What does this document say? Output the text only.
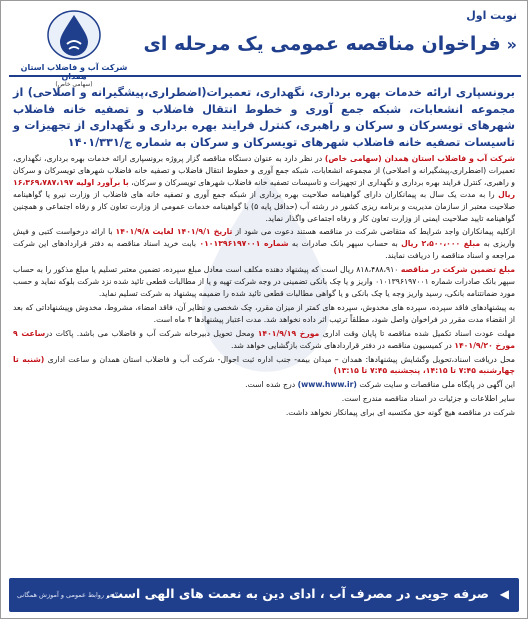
شرکت آب و فاضلاب استان
(سهامی خاص)
نوبت اول
«فراخوان مناقصه عمومی یک مرحله ای
برونسپاری ارائه خدمات بهره برداری، نگهداری، تعمیرات(اضطراری،پیشگیرانه و اصلاحی) از مجموعه انشعابات، شبکه جمع آوری و خطوط انتقال فاضلاب و تصفیه خانه فاضلاب شهرهای تویسرکان و سرکان و راهبری، کنترل فرایند بهره برداری و نگهداری از تجهیزات و تاسیسات تصفیه خانه فاضلاب شهرهای تویسرکان و سرکان به شماره ج/۱۴۰۱/۳۳۱

شرکت آب و فاضلاب استان همدان (سهامی خاص) در نظر دارد به عنوان دستگاه مناقصه گزار پروژه برونسپاری ارائه خدمات بهره برداری، نگهداری، تعمیرات (اضطراری،پیشگیرانه و اصلاحی) از مجموعه انشعابات، شبکه جمع آوری و خطوط انتقال فاضلاب و تصفیه خانه فاضلاب شهرهای تویسرکان و سرکان و راهبری، کنترل فرایند بهره برداری و نگهداری از تجهیزات و تاسیسات تصفیه خانه فاضلاب شهرهای تویسرکان و سرکان، با برآورد اولیه ۱۶،۳۶۹،۷۸۷،۱۹۷ ریال را به مدت یک سال به پیمانکاران دارای گواهینامه صلاحیت بهره برداری از شبکه جمع آوری و تصفیه خانه های فاضلاب از وزارت نیرو یا گواهینامه صلاحیت معتبر از سازمان مدیریت و برنامه ریزی کشور در رشته آب (حداقل پایه ۵) با گواهینامه خدمات عمومی از وزارت تعاون کار و رفاه اجتماعی و همچنین گواهینامه تایید صلاحیت ایمنی از وزارت تعاون کار و رفاه اجتماعی واگذار نماید.

ازکلیه پیمانکاران واجد شرایط که متقاضی شرکت در مناقصه هستند دعوت می شود از تاریخ ۱۴۰۱/۹/۱ لغایت ۱۴۰۱/۹/۸ با ارائه درخواست کتبی و فیش واریزی به مبلغ ۲،۵۰۰،۰۰۰ ریال به حساب سپهر بانک صادرات به شماره ۰۱۰۱۳۹۶۱۹۷۰۰۱ بابت خرید اسناد مناقصه به دفتر قراردادهای این شرکت مراجعه و اسناد مناقصه را دریافت نمایند.

مبلغ تضمین شرکت در مناقصه ۸۱۸،۴۸۸،۹۱۰ ریال است که پیشنهاد دهنده مکلف است معادل مبلغ سپرده، تضمین معتبر تسلیم یا مبلغ مذکور را به حساب سپهر بانک صادرات شماره ۰۱۰۱۳۹۶۱۹۷۰۰۱ واریز و یا چک بانکی تضمینی در وجه شرکت تهیه و یا از مطالبات قطعی تائید شده نزد شرکت بلوکه نماید و حسب مورد ضمانتنامه بانکی، رسید واریز وجه یا چک بانکی و یا گواهی مطالبات قطعی تائید شده را ضمیمه پیشنهاد به شرکت تسلیم نماید.

به پیشنهادهای فاقد سپرده، سپرده های مخدوش، سپرده های کمتر از میزان مقرر، چک شخصی و نظایر آن، فاقد امضاء، مشروط، مخدوش وپیشنهاداتی که بعد از انقضاء مدت مقرر در فراخوان واصل شود، مطلقاً ترتیب اثر داده نخواهد شد. مدت اعتبار پیشنهادها ۳ ماه است.

مهلت عودت اسناد تکمیل شده مناقصه تا پایان وقت اداری مورخ ۱۴۰۱/۹/۱۹ ومحل تحویل دبیرخانه شرکت آب و فاضلاب می باشد. پاکات درساعت ۹ مورخ ۱۴۰۱/۹/۲۰ در کمیسیون مناقصه در دفتر قراردادهای شرکت بازگشایی خواهد شد.

محل دریافت اسناد،تحویل وگشایش پیشنهادها: همدان – میدان بیمه- جنب اداره ثبت احوال- شرکت آب و فاضلاب استان همدان و ساعت اداری (شنبه تا چهارشنبه ۷:۴۵ تا ۱۴:۱۵، پنجشنبه ۷:۴۵ تا ۱۳:۱۵)

این آگهی در پایگاه ملی مناقصات و سایت شرکت (www.hww.ir) درج شده است.

سایر اطلاعات و جزئیات در اسناد مناقصه مندرج است.

شرکت در مناقصه هیچ گونه حق مکتسبه ای برای پیمانکار نخواهد داشت.

◀
صرفه جویی در مصرف آب ، ادای دین به نعمت های الهی است.
دفتر روابط عمومی و آموزش همگانی
